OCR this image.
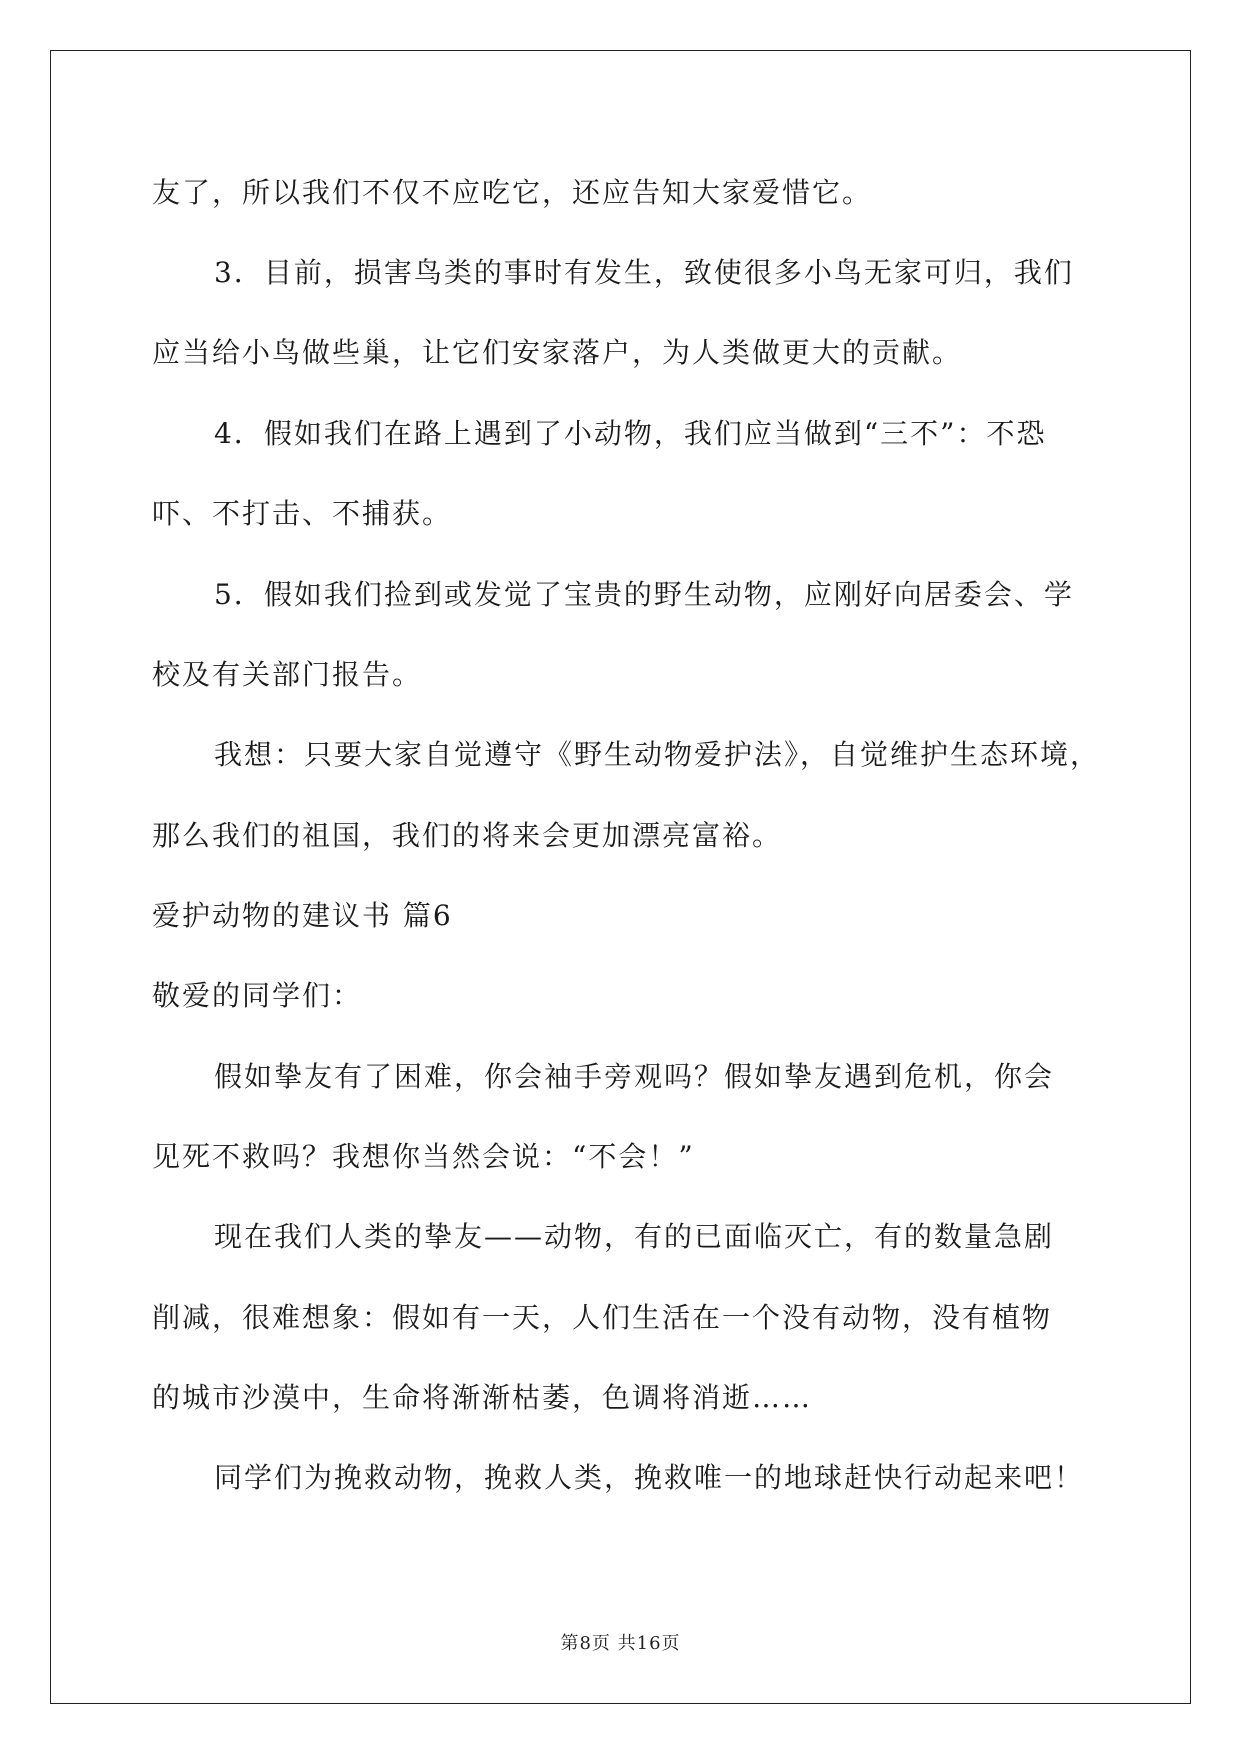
友了，所以我们不仅不应吃它，还应告知大家爱惜它。
3．目前，损害鸟类的事时有发生，致使很多小鸟无家可归，我们
应当给小鸟做些巢，让它们安家落户，为人类做更大的贡献。
4．假如我们在路上遇到了小动物，我们应当做到“三不”：不恐
吓、不打击、不捕获。
5．假如我们捡到或发觉了宝贵的野生动物，应刚好向居委会、学
校及有关部门报告。
我想：只要大家自觉遵守《野生动物爱护法》，自觉维护生态环境，
那么我们的祖国，我们的将来会更加漂亮富裕。
爱护动物的建议书 篇6
敬爱的同学们：
假如挚友有了困难，你会袖手旁观吗？假如挚友遇到危机，你会
见死不救吗？我想你当然会说：“不会！”
现在我们人类的挚友——动物，有的已面临灭亡，有的数量急剧
削减，很难想象：假如有一天，人们生活在一个没有动物，没有植物
的城市沙漠中，生命将渐渐枯萎，色调将消逝……
同学们为挽救动物，挽救人类，挽救唯一的地球赶快行动起来吧！
第8页 共16页
